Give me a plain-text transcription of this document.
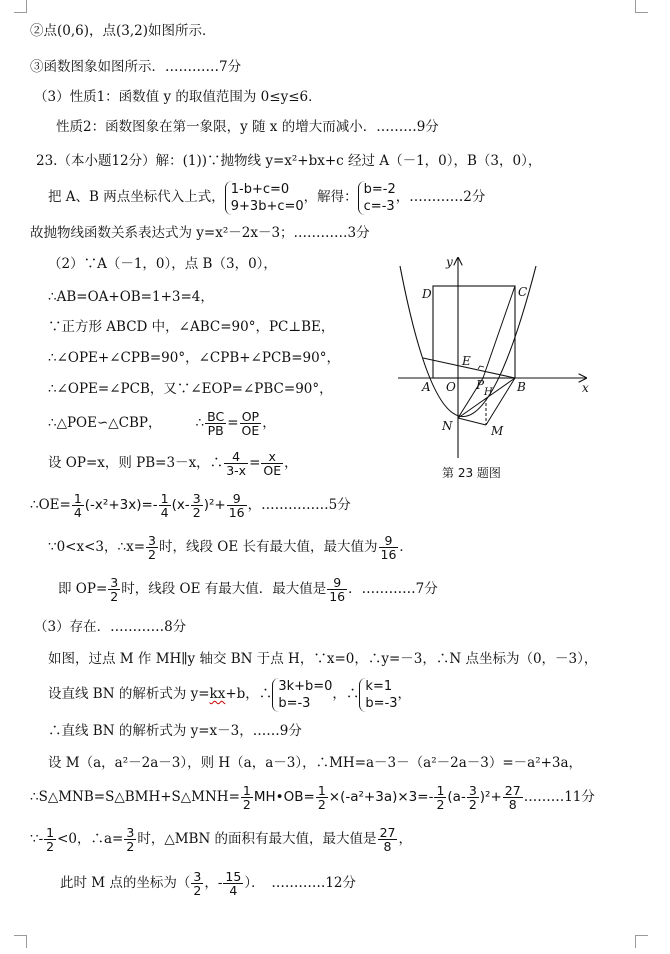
②点(0,6)，点(3,2)如图所示．
③函数图象如图所示．…………7分
（3）性质1：函数值 y 的取值范围为 0≤y≤6．
性质2：函数图象在第一象限，y 随 x 的增大而减小．………9分
23.（本小题12分）解：(1))∵抛物线 y=x²+bx+c 经过 A（－1，0），B（3，0），
把 A、B 两点坐标代入上式， 1-b+c=0
9+3b+c=0
，解得： b=-2
c=-3
，…………2分
故抛物线函数关系表达式为 y=x²－2x－3；…………3分
（2）∵A（－1，0），点 B（3，0），
∴AB=OA+OB=1+3=4，
∵正方形 ABCD 中，∠ABC=90°，PC⊥BE，
∴∠OPE+∠CPB=90°，∠CPB+∠PCB=90°，
∴∠OPE=∠PCB，又∵∠EOP=∠PBC=90°，
∴△POE∽△CBP，	∴ $\frac{BC}{PB} = \frac{OP}{OE}$ ，
设 OP=x，则 PB=3－x，∴ $\frac{4}{3-x} = \frac{x}{OE}$ ，
∴OE= $\frac{1}{4} (-x^2+3x)=- \frac{1}{4} (x- \frac{3}{2} )^2+ \frac{9}{16}$ ，……………5分
∵0<x<3，∴x= $\frac{3}{2}$ 时，线段 OE 长有最大值，最大值为 $\frac{9}{16}$ ．
即 $OP= \frac{3}{2}$ 时，线段 OE 有最大值．最大值是 $\frac{9}{16}$ ．…………7分
（3）存在．…………8分
如图，过点 M 作 MH∥y 轴交 BN 于点 H，∵x=0，∴y=－3，∴N 点坐标为（0，－3），
设直线 BN 的解析式为 y=kx+b，∴ 3k+b=0
b=-3
，∴ k=1
b=-3
，
∴直线 BN 的解析式为 y=x－3，……9分
设 M（a，a²－2a－3），则 H（a，a－3），∴MH=a－3－（a²－2a－3）=－a²+3a，
∴S△MNB=S△BMH+S△MNH= $\frac{1}{2}$ MH•OB= $\frac{1}{2} \times(-a^2+3a)\times 3=- \frac{1}{2} (a- \frac{3}{2} )^2+ \frac{27}{8}$ ………11分
∵- $\frac{1}{2} <0$，∴a= $\frac{3}{2}$ 时，△MBN 的面积有最大值，最大值是 $\frac{27}{8}$ ，
此时 M 点的坐标为（ $\frac{3}{2}$ ，- $\frac{15}{4}$ ）．　…………12分
y
x
D	C
E
A O P
H B
N	M
第 23 题图
